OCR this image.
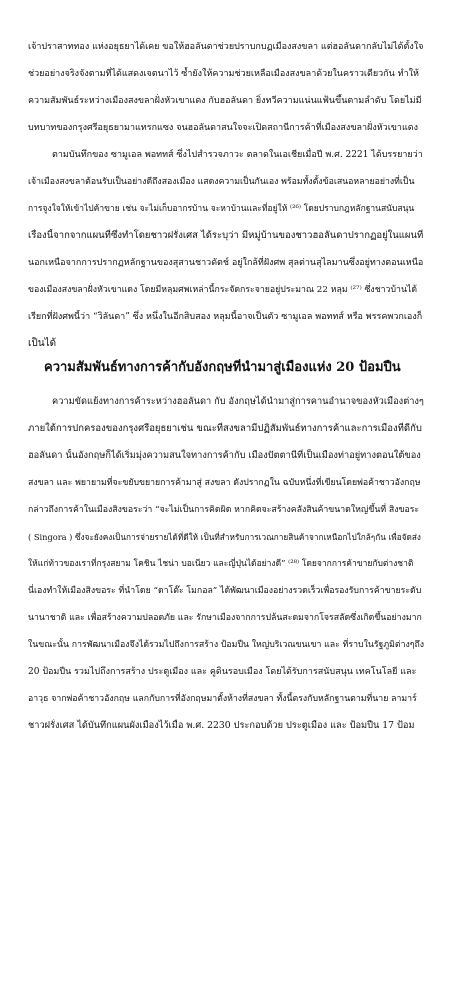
เจ้าปราสาททอง แห่งอยุธยาได้เคย ขอให้ฮอลันดาช่วยปราบกบฏเมืองสงขลา แต่ฮอลันดากลับไม่ได้ตั้งใจ
ช่วยอย่างจริงจังตามที่ได้แสดงเจตนาไว้ ซ้ำยังให้ความช่วยเหลือเมืองสงขลาด้วยในคราวเดียวกัน ทำให้
ความสัมพันธ์ระหว่างเมืองสงขลาฝั่งหัวเขาแดง กับฮอลันดา ยิ่งทวีความแน่นแฟ้นขึ้นตามลำดับ โดยไม่มี
บทบาทของกรุงศรีอยุธยามาแทรกแซง จนฮอลันดาสนใจจะเปิดสถานีการค้าที่เมืองสงขลาฝั่งหัวเขาแดง
ตามบันทึกของ ซามูเอล พอททส์ ซึ่งไปสำรวจภาวะ ตลาดในเอเชียเมื่อปี พ.ศ. 2221 ได้บรรยายว่า
เจ้าเมืองสงขลาต้อนรับเป็นอย่างดีถึงสองเมือง แสดงความเป็นกันเอง พร้อมทั้งตั้งข้อเสนอหลายอย่างที่เป็น
การจูงใจให้เข้าไปค้าขาย เช่น จะไม่เก็บอากรบ้าน จะหาบ้านและที่อยู่ให้ ⁽²⁶⁾ โดยปราบกฎหลักฐานสนับสนุน
เรื่องนี้จากจากแผนที่ซึ่งทำโดยชาวฝรั่งเศส ได้ระบุว่า มีหมู่บ้านของชาวฮอลันดาปรากฏอยู่ในแผนที่
นอกเหนือจากการปรากฏหลักฐานของสุสานชาวดัตช์ อยู่ใกล้ที่ฝังศพ สุลต่านสุไลมานซึ่งอยู่ทางตอนเหนือ
ของเมืองสงขลาฝั่งหัวเขาแดง โดยมีหลุมศพเหล่านี้กระจัดกระจายอยู่ประมาณ 22 หลุม ⁽²⁷⁾ ซึ่งชาวบ้านได้
เรียกที่ฝังศพนี้ว่า “วิลันดา” ซึ่ง หนึ่งในอีกสิบสอง หลุมนี้อาจเป็นตัว ซามูเอล พอททส์ หรือ พรรคพวกเองก็
เป็นได้
ความสัมพันธ์ทางการค้ากับอังกฤษที่นำมาสู่เมืองแห่ง 20 ป้อมปืน
ความขัดแย้งทางการค้าระหว่างฮอลันดา กับ อังกฤษได้นำมาสู่การคานอำนาจของหัวเมืองต่างๆ
ภายใต้การปกครองของกรุงศรีอยุธยาเช่น ขณะที่สงขลามีปฏิสัมพันธ์ทางการค้าและการเมืองที่ดีกับ
ฮอลันดา นั้นอังกฤษก็ได้เริ่มมุ่งความสนใจทางการค้ากับ เมืองปัตตานีที่เป็นเมืองท่าอยู่ทางตอนใต้ของ
สงขลา และ พยายามที่จะขยับขยายการค้ามาสู่ สงขลา ดังปรากฏใน ฉบับหนึ่งที่เขียนโดยพ่อค้าชาวอังกฤษ
กล่าวถึงการค้าในเมืองสิงขอระว่า “จะไม่เป็นการคิดผิด หากคิดจะสร้างคลังสินค้าขนาดใหญ่ขึ้นที่ สิงขอระ
( Singora ) ซึ่งจะยังคงเป็นการจ่ายรายได้ที่ดีให้ เป็นที่สำหรับการเวณกายสินค้าจากเหนือกไปใกล้ๆกัน เพื่อจัดส่ง
ให้แก่ท้าวของเราที่กรุงสยาม โคชิน ไชน่า บอเนียว และญี่ปุ่นได้อย่างดี” ⁽²⁸⁾ โดยจากการค้าขายกับต่างชาติ
นี่เองทำให้เมืองสิงขอระ ที่นำโดย “ดาโต๊ะ โมกอล” ได้พัฒนาเมืองอย่างรวดเร็วเพื่อรองรับการค้าขายระดับ
นานาชาติ และ เพื่อสร้างความปลอดภัย และ รักษาเมืองจากการปล้นสะดมจากโจรสลัดซึ่งเกิดขึ้นอย่างมาก
ในขณะนั้น การพัฒนาเมืองจึงได้รวมไปถึงการสร้าง ป้อมปืน ใหญ่บริเวณขนเขา และ ที่ราบในรัฐภูมิต่างๆถึง
20 ป้อมปืน รวมไปถึงการสร้าง ประตูเมือง และ คูดินรอบเมือง โดยได้รับการสนับสนุน เทคโนโลยี และ
อาวุธ จากพ่อค้าชาวอังกฤษ แลกกับการที่อังกฤษมาตั้งห้างที่สงขลา ทั้งนี้ตรงกับหลักฐานตามที่นาย ลามาร์
ชาวฝรั่งเศส ได้บันทึกแผนผังเมืองไว้เมื่อ พ.ศ. 2230 ประกอบด้วย ประตูเมือง และ ป้อมปืน 17 ป้อม
